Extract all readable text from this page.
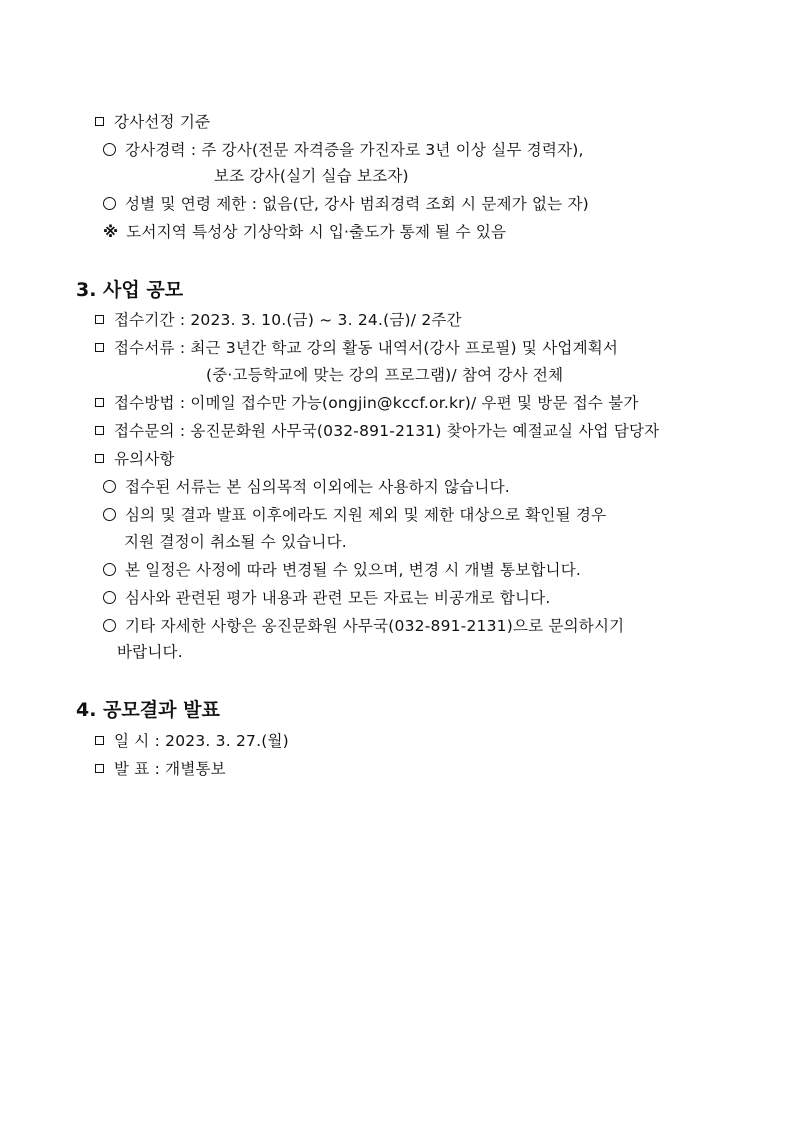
강사선정 기준
강사경력 : 주 강사(전문 자격증을 가진자로 3년 이상 실무 경력자),
보조 강사(실기 실습 보조자)
성별 및 연령 제한 : 없음(단, 강사 범죄경력 조회 시 문제가 없는 자)
※ 도서지역 특성상 기상악화 시 입·출도가 통제 될 수 있음
3. 사업 공모
접수기간 : 2023. 3. 10.(금) ~ 3. 24.(금)/ 2주간
접수서류 : 최근 3년간 학교 강의 활동 내역서(강사 프로필) 및 사업계획서
(중·고등학교에 맞는 강의 프로그램)/ 참여 강사 전체
접수방법 : 이메일 접수만 가능(ongjin@kccf.or.kr)/ 우편 및 방문 접수 불가
접수문의 : 옹진문화원 사무국(032-891-2131) 찾아가는 예절교실 사업 담당자
유의사항
접수된 서류는 본 심의목적 이외에는 사용하지 않습니다.
심의 및 결과 발표 이후에라도 지원 제외 및 제한 대상으로 확인될 경우
지원 결정이 취소될 수 있습니다.
본 일정은 사정에 따라 변경될 수 있으며, 변경 시 개별 통보합니다.
심사와 관련된 평가 내용과 관련 모든 자료는 비공개로 합니다.
기타 자세한 사항은 옹진문화원 사무국(032-891-2131)으로 문의하시기
바랍니다.
4. 공모결과 발표
일 시 : 2023. 3. 27.(월)
발 표 : 개별통보
